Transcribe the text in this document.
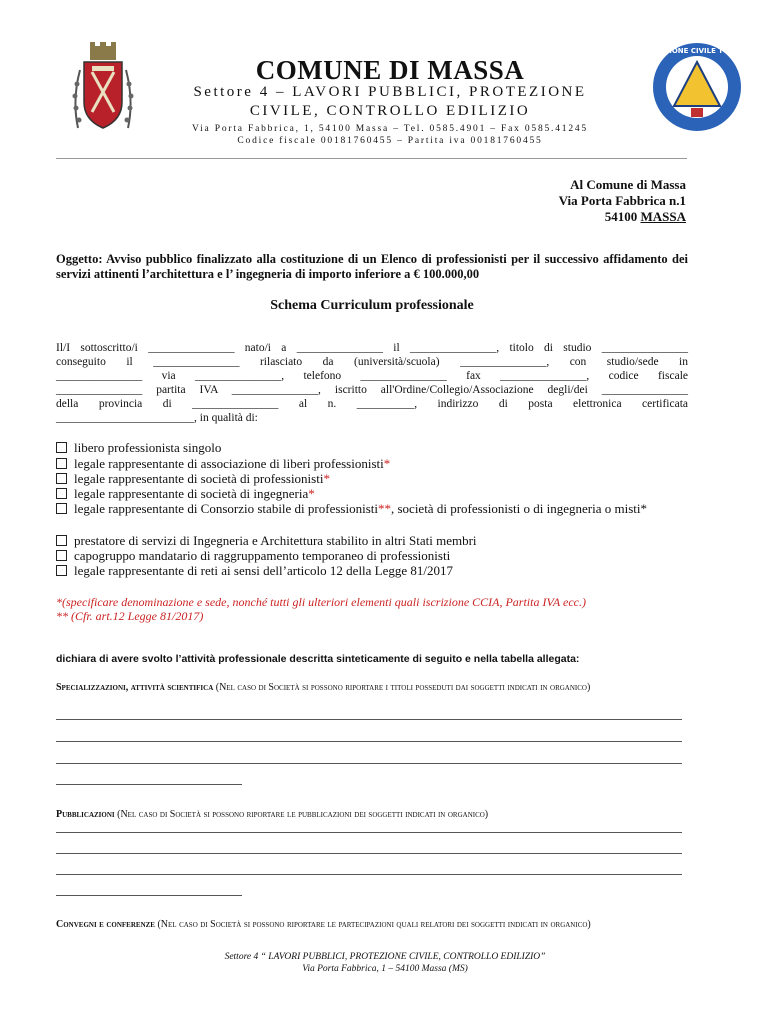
PROTEZIONE CIVILE TOSCANA
COMUNE DI MASSA
Settore 4 – LAVORI PUBBLICI, PROTEZIONE
CIVILE, CONTROLLO EDILIZIO
Via Porta Fabbrica, 1, 54100 Massa – Tel. 0585.4901 – Fax 0585.41245
Codice fiscale 00181760455 – Partita iva 00181760455
Al Comune di Massa
Via Porta Fabbrica n.1
54100 MASSA
Oggetto: Avviso pubblico finalizzato alla costituzione di un Elenco di professionisti per il successivo affidamento dei servizi attinenti l’architettura e l’ ingegneria di importo inferiore a € 100.000,00
Schema Curriculum professionale
Il/I sottoscritto/i _______________ nato/i a _______________ il _______________, titolo di studio _______________
conseguito il _______________ rilasciato da (università/scuola) _______________, con studio/sede in
_______________ via _______________, telefono _______________ fax _______________, codice fiscale
_______________ partita IVA _______________, iscritto all'Ordine/Collegio/Associazione degli/dei _______________
della provincia di _______________ al n. __________, indirizzo di posta elettronica certificata
________________________, in qualità di:
libero professionista singolo
legale rappresentante di associazione di liberi professionisti*
legale rappresentante di società di professionisti*
legale rappresentante di società di ingegneria*
legale rappresentante di Consorzio stabile di professionisti**, società di professionisti o di ingegneria o misti*
prestatore di servizi di Ingegneria e Architettura stabilito in altri Stati membri
capogruppo mandatario di raggruppamento temporaneo di professionisti
legale rappresentante di reti ai sensi dell’articolo 12 della Legge 81/2017
*(specificare denominazione e sede, nonché tutti gli ulteriori elementi quali iscrizione CCIA, Partita IVA ecc.)
** (Cfr. art.12 Legge 81/2017)
dichiara di avere svolto l’attività professionale descritta sinteticamente di seguito e nella tabella allegata:
Specializzazioni, attività scientifica (Nel caso di Società si possono riportare i titoli posseduti dai soggetti indicati in organico)
Pubblicazioni (Nel caso di Società si possono riportare le pubblicazioni dei soggetti indicati in organico)
Convegni e conferenze (Nel caso di Società si possono riportare le partecipazioni quali relatori dei soggetti indicati in organico)
Settore 4 “ LAVORI PUBBLICI, PROTEZIONE CIVILE, CONTROLLO EDILIZIO”
Via Porta Fabbrica, 1 – 54100 Massa (MS)
